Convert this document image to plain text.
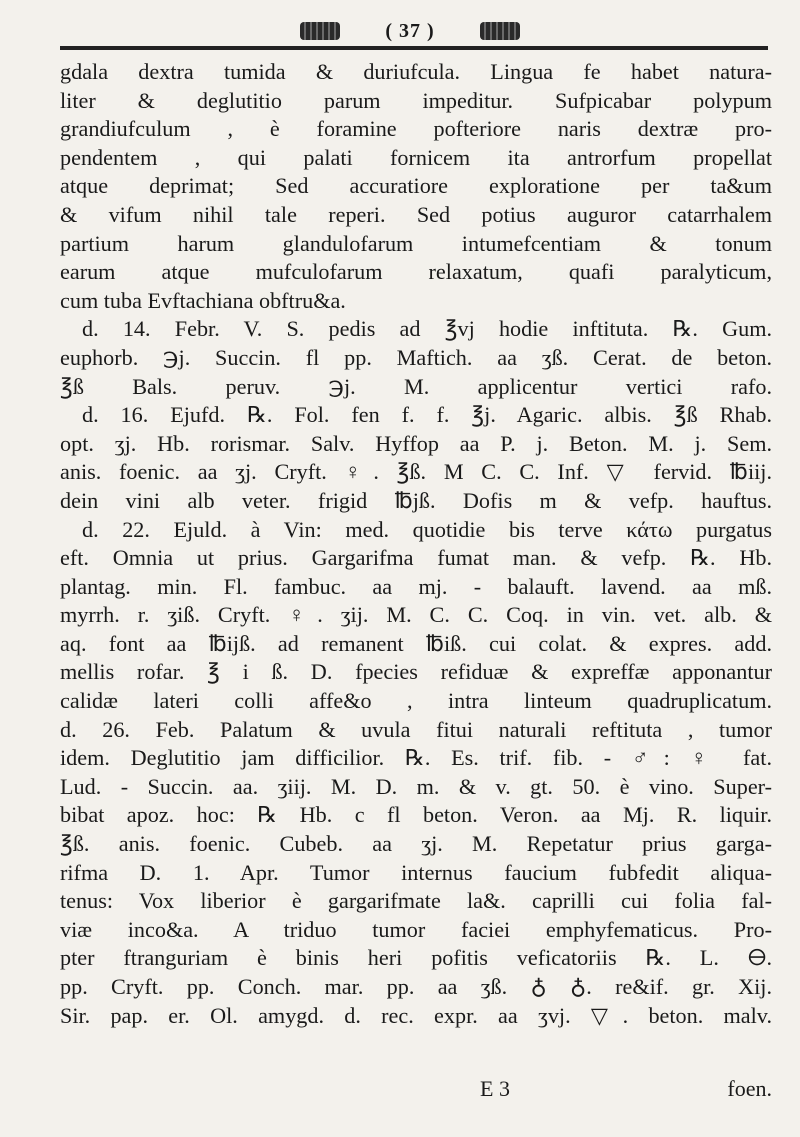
( 37 )
gdala dextra tumida & duriufcula. Lingua fe habet natura-
liter & deglutitio parum impeditur. Sufpicabar polypum
grandiufculum , è foramine pofteriore naris dextræ pro-
pendentem , qui palati fornicem ita antrorfum propellat
atque deprimat; Sed accuratiore exploratione per ta&um
& vifum nihil tale reperi. Sed potius auguror catarrhalem
partium harum glandulofarum intumefcentiam & tonum
earum atque mufculofarum relaxatum, quafi paralyticum,
cum tuba Evftachiana obftru&a.
d. 14. Febr. V. S. pedis ad ℥vj hodie inftituta. ℞. Gum.
euphorb. ℈j. Succin. fl pp. Maftich. aa ʒß. Cerat. de beton.
℥ß Bals. peruv. ℈j. M. applicentur vertici rafo.
d. 16. Ejufd. ℞. Fol. fen f. f. ℥j. Agaric. albis. ℥ß Rhab.
opt. ʒj. Hb. rorismar. Salv. Hyffop aa P. j. Beton. M. j. Sem.
anis. foenic. aa ʒj. Cryft. ♀. ℥ß. M C. C. Inf. ▽ fervid. ℔iij.
dein vini alb veter. frigid ℔jß. Dofis m & vefp. hauftus.
d. 22. Ejuld. à Vin: med. quotidie bis terve κάτω purgatus
eft. Omnia ut prius. Gargarifma fumat man. & vefp. ℞. Hb.
plantag. min. Fl. fambuc. aa mj. - balauft. lavend. aa mß.
myrrh. r. ʒiß. Cryft. ♀. ʒij. M. C. C. Coq. in vin. vet. alb. &
aq. font aa ℔ijß. ad remanent ℔iß. cui colat. & expres. add.
mellis rofar. ℥ i ß. D. fpecies refiduæ & expreffæ apponantur
calidæ lateri colli affe&o , intra linteum quadruplicatum.
d. 26. Feb. Palatum & uvula fitui naturali reftituta , tumor
idem. Deglutitio jam difficilior. ℞. Es. trif. fib. - ♂: ♀ fat.
Lud. - Succin. aa. ʒiij. M. D. m. & v. gt. 50. è vino. Super-
bibat apoz. hoc: ℞ Hb. c fl beton. Veron. aa Mj. R. liquir.
℥ß. anis. foenic. Cubeb. aa ʒj. M. Repetatur prius garga-
rifma D. 1. Apr. Tumor internus faucium fubfedit aliqua-
tenus: Vox liberior è gargarifmate la&. caprilli cui folia fal-
viæ inco&a. A triduo tumor faciei emphyfematicus. Pro-
pter ftranguriam è binis heri pofitis veficatoriis ℞. L. 🜔.
pp. Cryft. pp. Conch. mar. pp. aa ʒß. ♁ ♁. re&if. gr. Xij.
Sir. pap. er. Ol. amygd. d. rec. expr. aa ʒvj. ▽. beton. malv.
E 3	foen.
